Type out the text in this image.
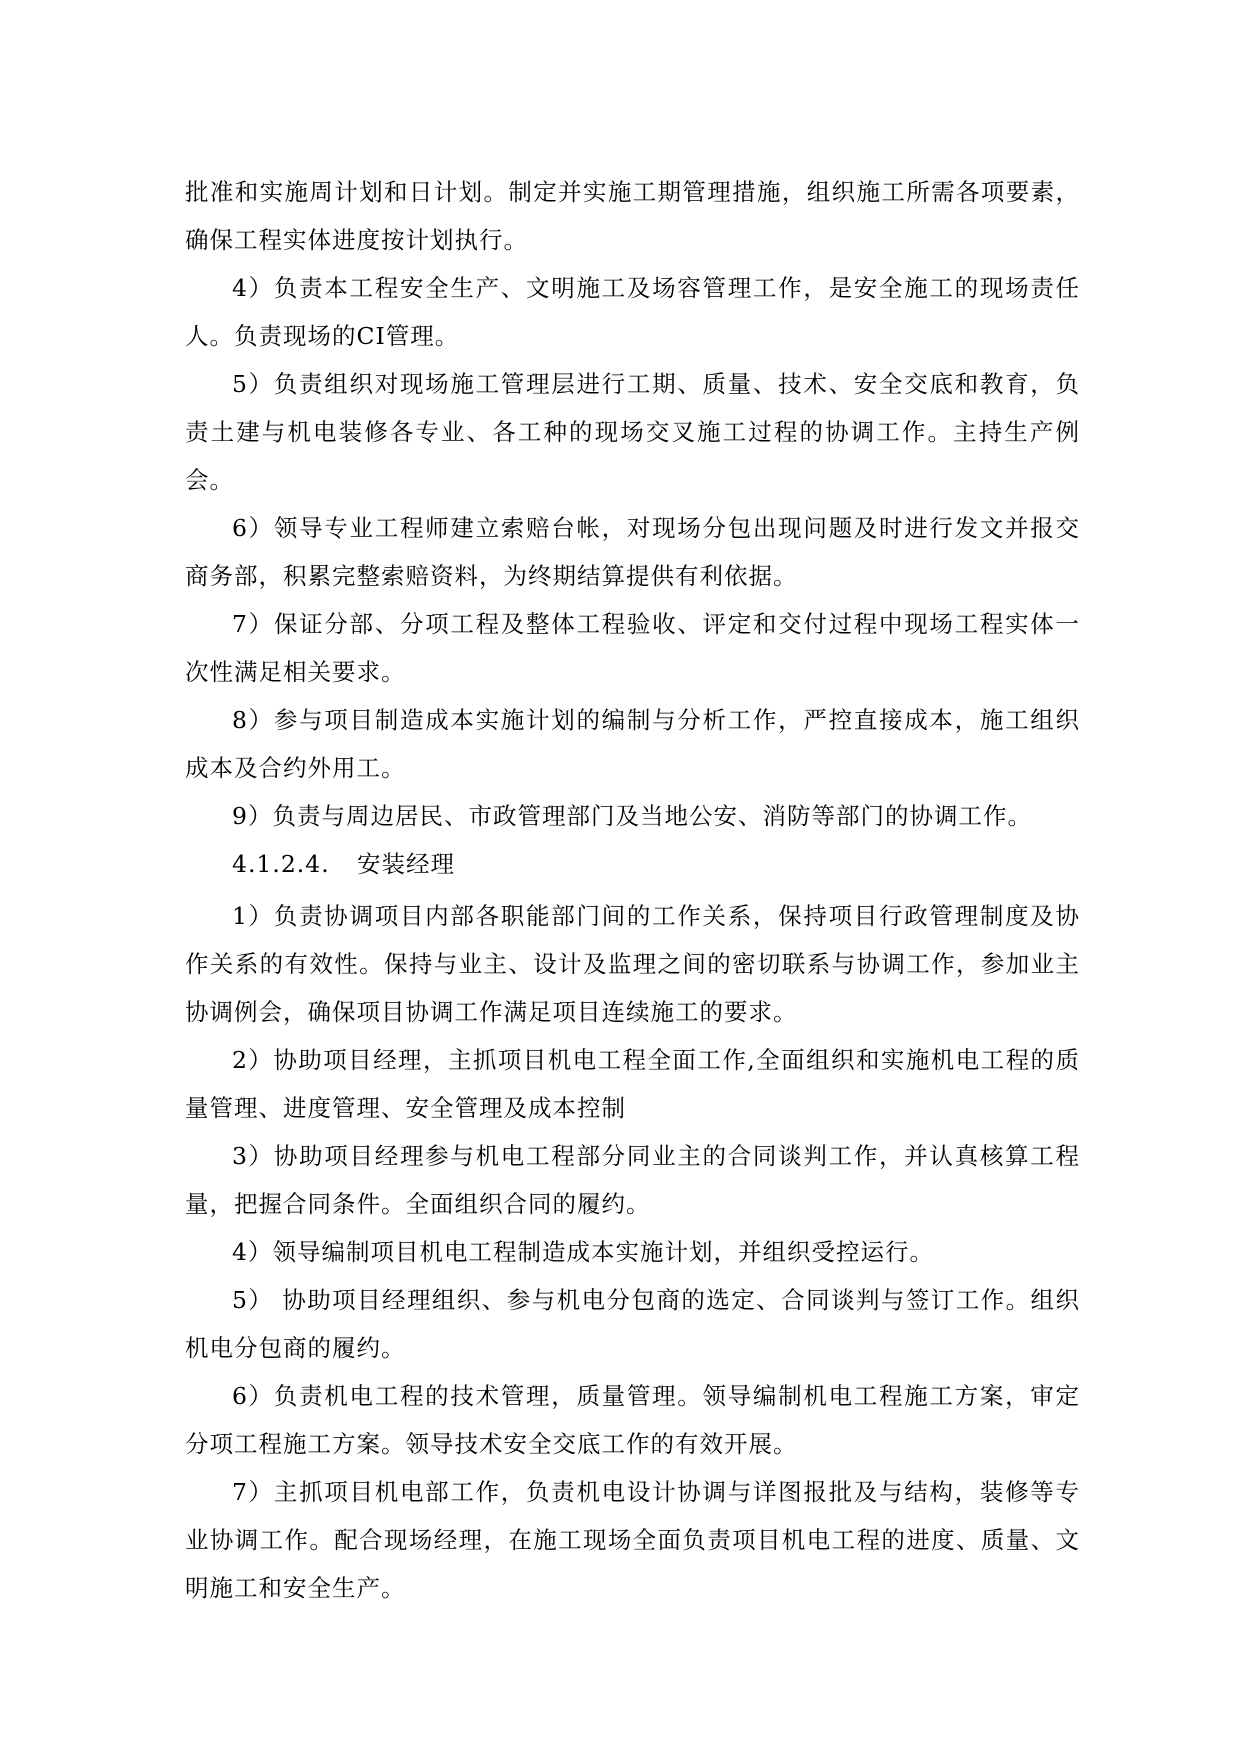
批准和实施周计划和日计划。制定并实施工期管理措施，组织施工所需各项要素，确保工程实体进度按计划执行。

4）负责本工程安全生产、文明施工及场容管理工作，是安全施工的现场责任人。负责现场的CI管理。

5）负责组织对现场施工管理层进行工期、质量、技术、安全交底和教育，负责土建与机电装修各专业、各工种的现场交叉施工过程的协调工作。主持生产例会。

6）领导专业工程师建立索赔台帐，对现场分包出现问题及时进行发文并报交商务部，积累完整索赔资料，为终期结算提供有利依据。

7）保证分部、分项工程及整体工程验收、评定和交付过程中现场工程实体一次性满足相关要求。

8）参与项目制造成本实施计划的编制与分析工作，严控直接成本，施工组织成本及合约外用工。

9）负责与周边居民、市政管理部门及当地公安、消防等部门的协调工作。

4.1.2.4. 安装经理

1）负责协调项目内部各职能部门间的工作关系，保持项目行政管理制度及协作关系的有效性。保持与业主、设计及监理之间的密切联系与协调工作，参加业主协调例会，确保项目协调工作满足项目连续施工的要求。

2）协助项目经理，主抓项目机电工程全面工作,全面组织和实施机电工程的质量管理、进度管理、安全管理及成本控制

3）协助项目经理参与机电工程部分同业主的合同谈判工作，并认真核算工程量，把握合同条件。全面组织合同的履约。

4）领导编制项目机电工程制造成本实施计划，并组织受控运行。

5） 协助项目经理组织、参与机电分包商的选定、合同谈判与签订工作。组织机电分包商的履约。

6）负责机电工程的技术管理，质量管理。领导编制机电工程施工方案，审定分项工程施工方案。领导技术安全交底工作的有效开展。

7）主抓项目机电部工作，负责机电设计协调与详图报批及与结构，装修等专业协调工作。配合现场经理，在施工现场全面负责项目机电工程的进度、质量、文明施工和安全生产。
